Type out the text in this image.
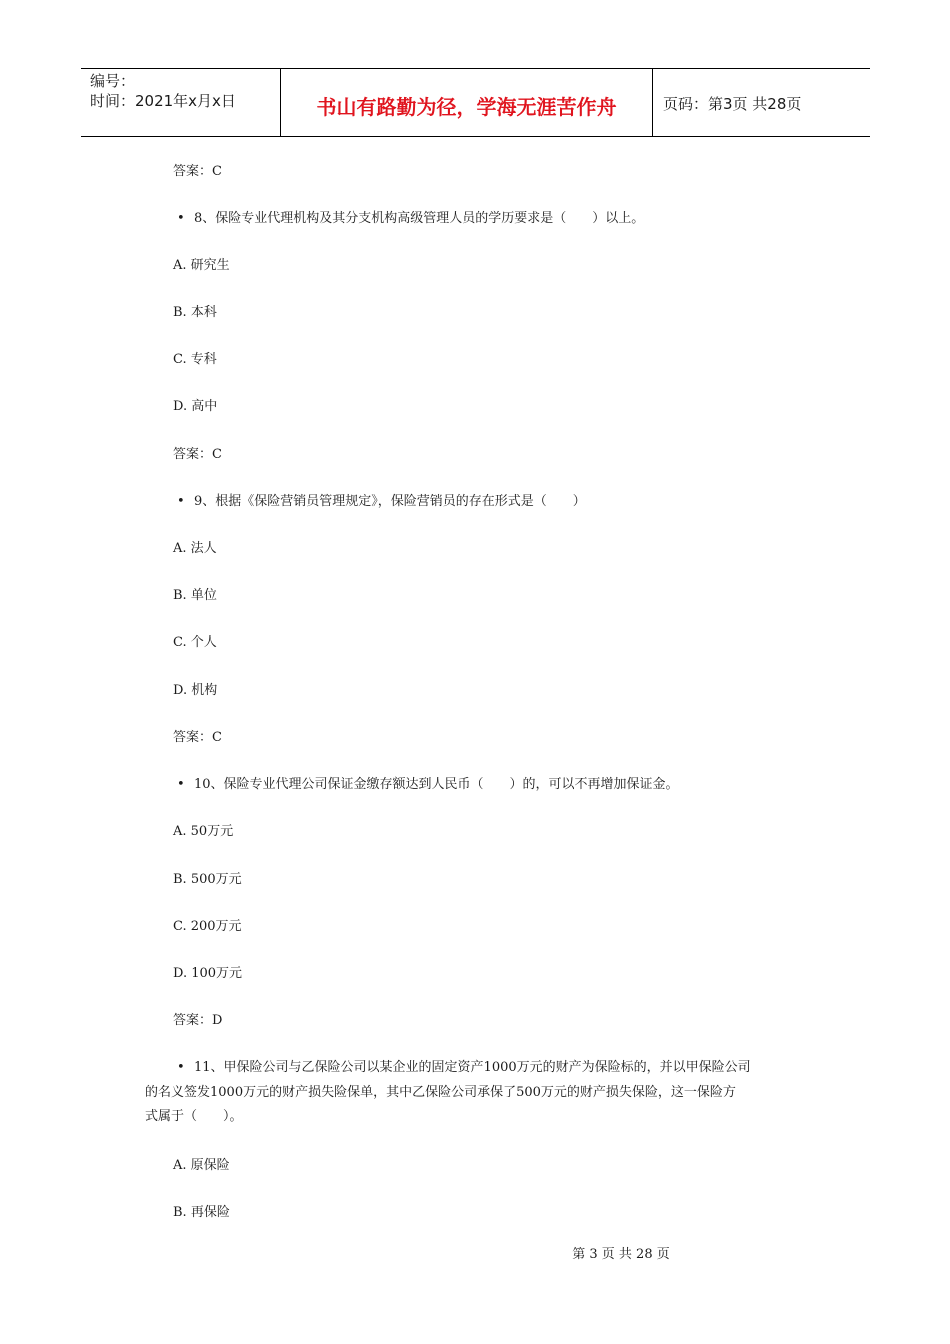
编号：
时间：2021年x月x日	书山有路勤为径，学海无涯苦作舟	页码：第3页 共28页
答案：C
• 8、保险专业代理机构及其分支机构高级管理人员的学历要求是（　　）以上。
A. 研究生
B. 本科
C. 专科
D. 高中
答案：C
• 9、根据《保险营销员管理规定》，保险营销员的存在形式是（　　）
A. 法人
B. 单位
C. 个人
D. 机构
答案：C
• 10、保险专业代理公司保证金缴存额达到人民币（　　）的，可以不再增加保证金。
A. 50万元
B. 500万元
C. 200万元
D. 100万元
答案：D
• 11、甲保险公司与乙保险公司以某企业的固定资产1000万元的财产为保险标的，并以甲保险公司
的名义签发1000万元的财产损失险保单，其中乙保险公司承保了500万元的财产损失保险，这一保险方
式属于（　　）。
A. 原保险
B. 再保险
第 3 页 共 28 页
